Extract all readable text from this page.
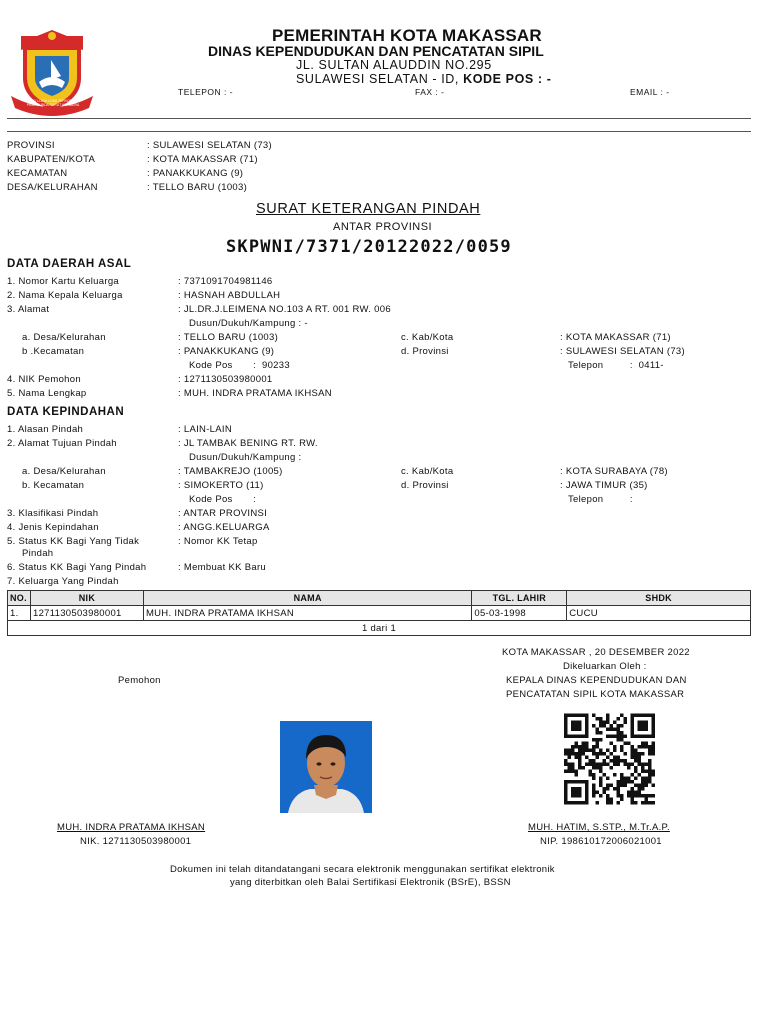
KUTU LUKUI LOKA TERVOIDIAG PRIMGA BIDA SURUT KE NAERA
PEMERINTAH KOTA MAKASSAR
DINAS KEPENDUDUKAN DAN PENCATATAN SIPIL
JL. SULTAN ALAUDDIN NO.295
SULAWESI SELATAN - ID, KODE POS : -
TELEPON : -	FAX : -	EMAIL : -
PROVINSI	: SULAWESI SELATAN (73)
KABUPATEN/KOTA	: KOTA MAKASSAR (71)
KECAMATAN	: PANAKKUKANG (9)
DESA/KELURAHAN	: TELLO BARU (1003)
SURAT KETERANGAN PINDAH
ANTAR PROVINSI
SKPWNI/7371/20122022/0059
DATA DAERAH ASAL
1. Nomor Kartu Keluarga	: 7371091704981146
2. Nama Kepala Keluarga	: HASNAH ABDULLAH
3. Alamat	: JL.DR.J.LEIMENA NO.103 A RT. 001 RW. 006
Dusun/Dukuh/Kampung : -
a. Desa/Kelurahan	: TELLO BARU (1003)	c. Kab/Kota	: KOTA MAKASSAR (71)
b .Kecamatan	: PANAKKUKANG (9)	d. Provinsi	: SULAWESI SELATAN (73)
Kode Pos       :  90233	Telepon         :  0411-
4. NIK Pemohon	: 1271130503980001
5. Nama Lengkap	: MUH. INDRA PRATAMA IKHSAN
DATA KEPINDAHAN
1. Alasan Pindah	: LAIN-LAIN
2. Alamat Tujuan Pindah	: JL TAMBAK BENING RT. RW.
Dusun/Dukuh/Kampung :
a. Desa/Kelurahan	: TAMBAKREJO (1005)	c. Kab/Kota	: KOTA SURABAYA (78)
b. Kecamatan	: SIMOKERTO (11)	d. Provinsi	: JAWA TIMUR (35)
Kode Pos       :	Telepon         :
3. Klasifikasi Pindah	: ANTAR PROVINSI
4. Jenis Kepindahan	: ANGG.KELUARGA
5. Status KK Bagi Yang Tidak
Pindah
: Nomor KK Tetap
6. Status KK Bagi Yang Pindah	: Membuat KK Baru
7. Keluarga Yang Pindah
NO.	NIK	NAMA	TGL. LAHIR	SHDK
1.	1271130503980001	MUH. INDRA PRATAMA IKHSAN	05-03-1998	CUCU
1 dari 1				
KOTA MAKASSAR , 20 DESEMBER 2022
Dikeluarkan Oleh :
KEPALA DINAS KEPENDUDUKAN DAN
PENCATATAN SIPIL KOTA MAKASSAR
Pemohon
MUH. INDRA PRATAMA IKHSAN
NIK. 1271130503980001
MUH. HATIM, S.STP., M.Tr.A.P.
NIP. 198610172006021001
Dokumen ini telah ditandatangani secara elektronik menggunakan sertifikat elektronik
yang diterbitkan oleh Balai Sertifikasi Elektronik (BSrE), BSSN
